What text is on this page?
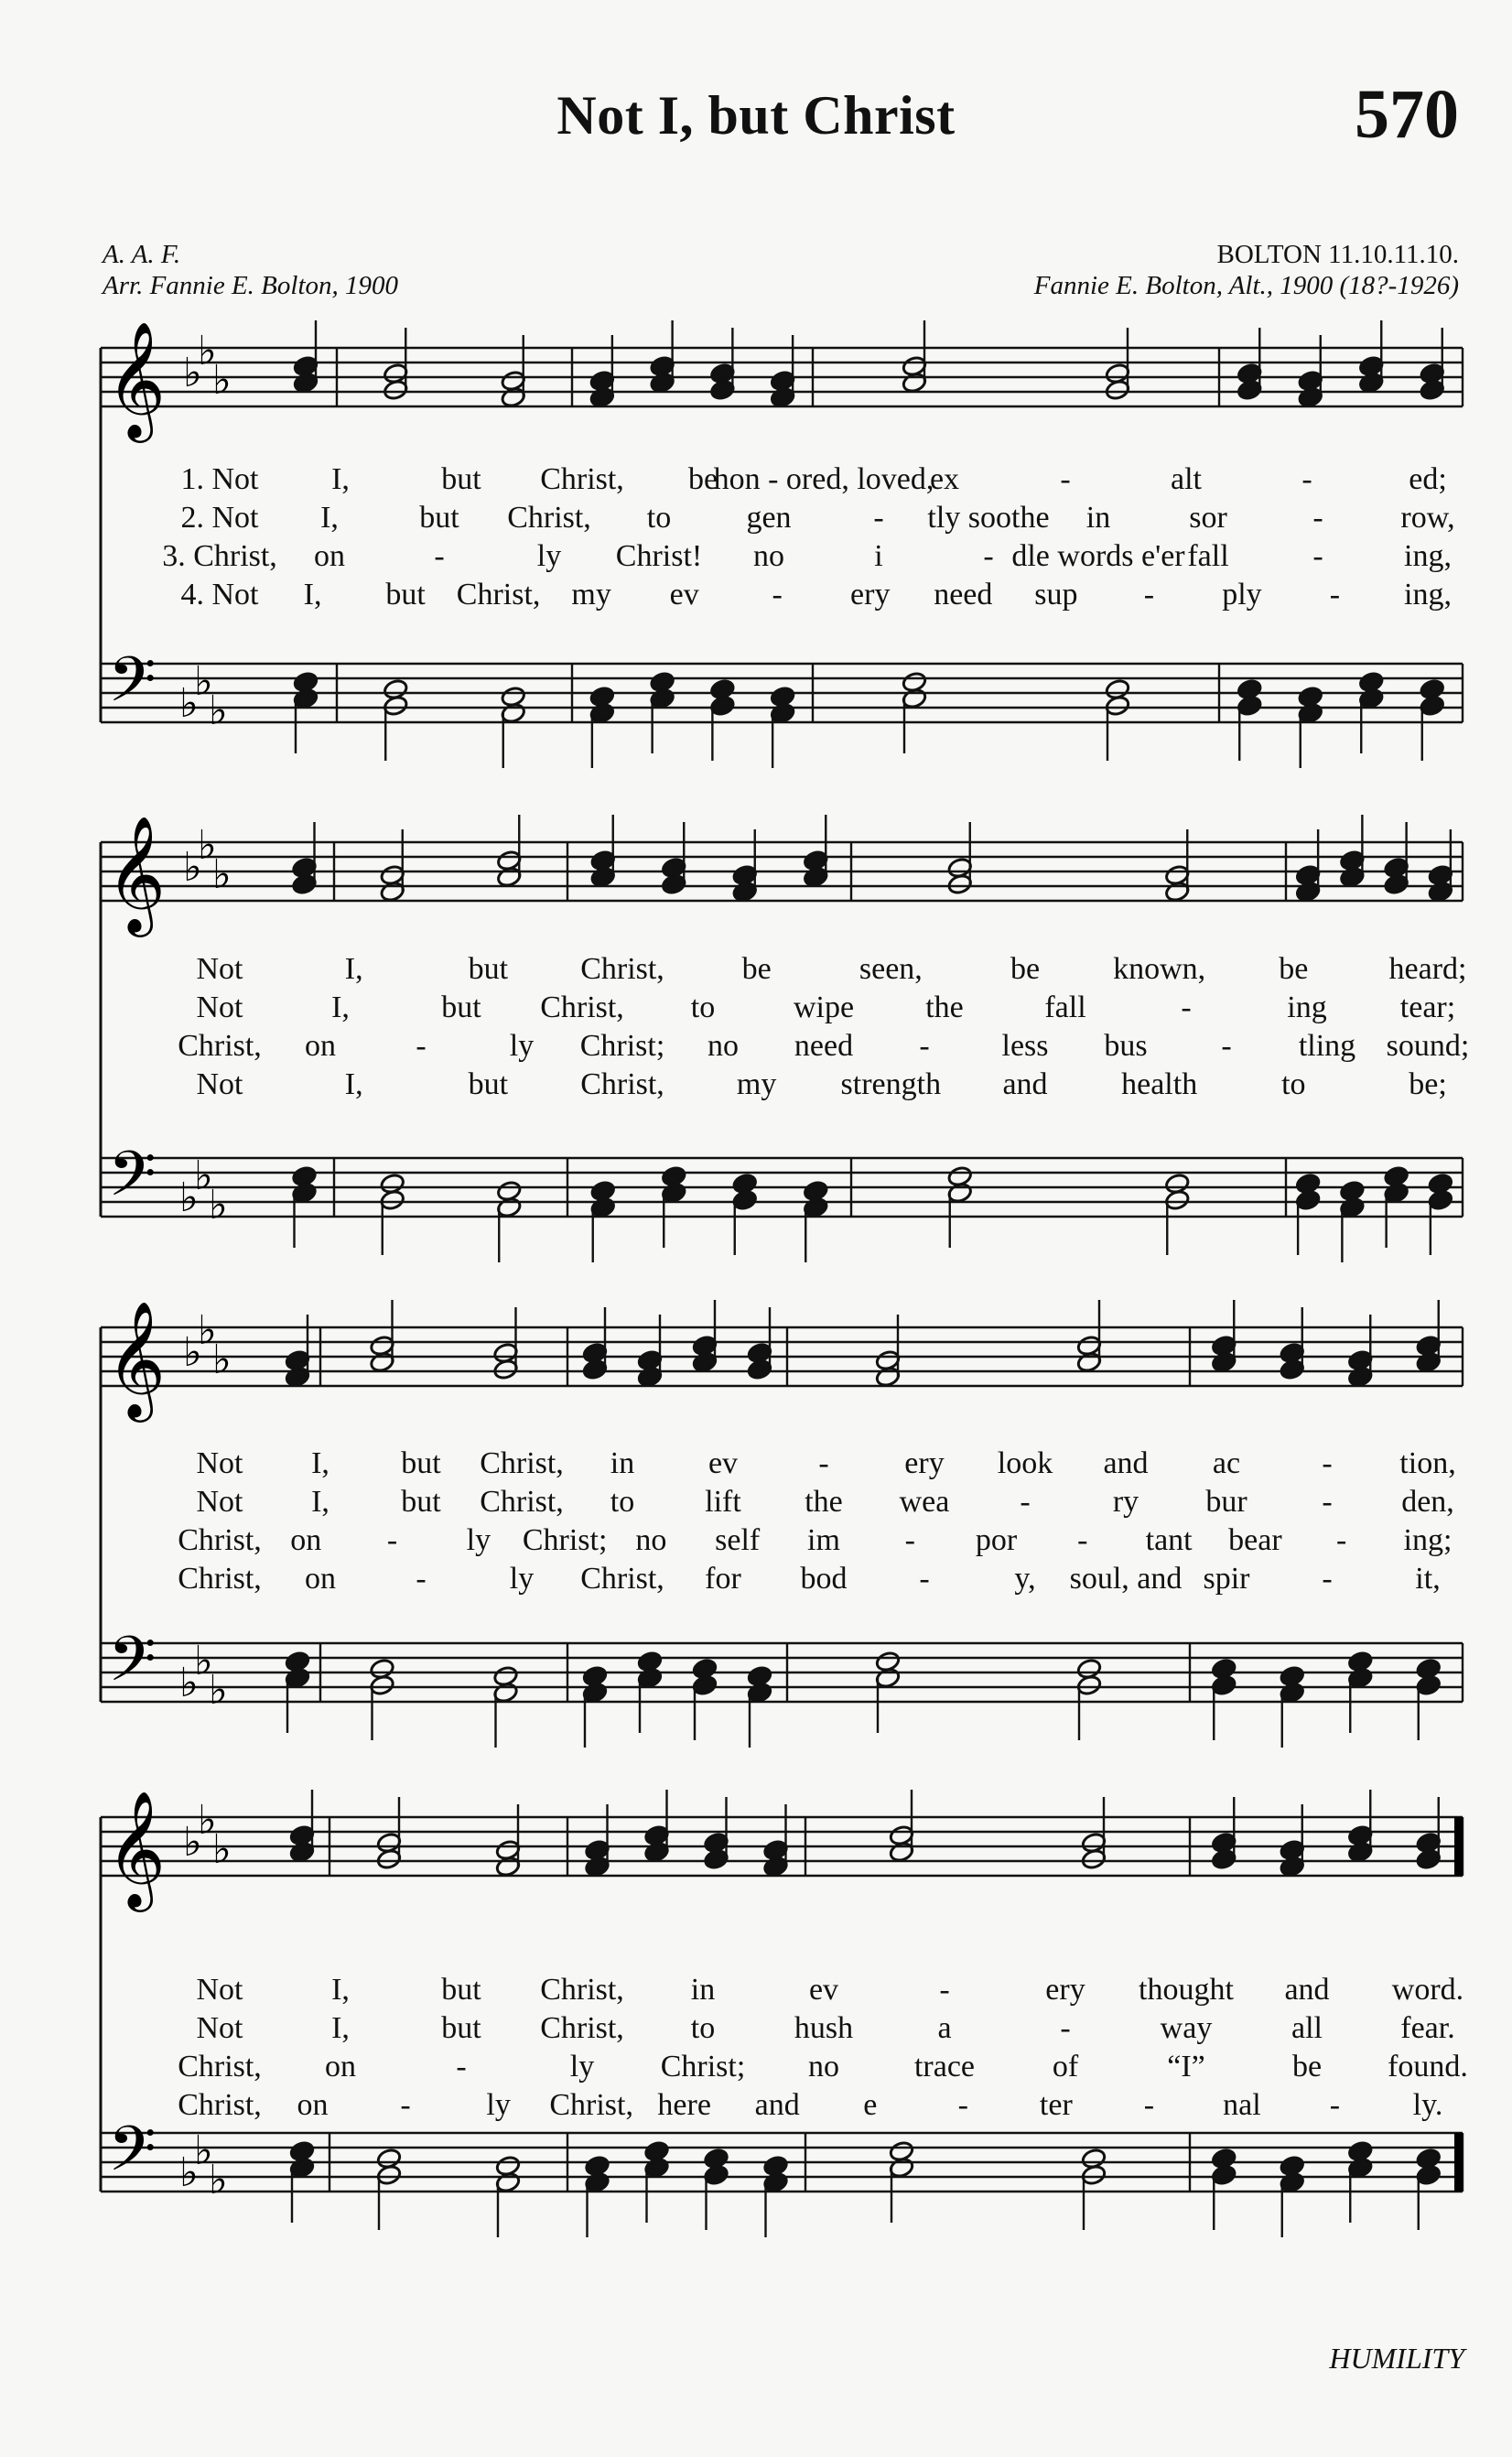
Not I, but Christ	570
A. A. F.
Arr. Fannie E. Bolton, 1900
BOLTON 11.10.11.10.
Fannie E. Bolton, Alt., 1900 (18?-1926)
𝄞
𝄢
♭
♭
♭
♭
♭
♭
𝄞
𝄢
♭
♭
♭
♭
♭
♭
𝄞
𝄢
♭
♭
♭
♭
♭
♭
𝄞
𝄢
♭
♭
♭
♭
♭
♭
HUMILITY
1. Not I,	but Christ, be
hon - ored, loved,
ex	-	alt	-	ed;
2. Not I,	but Christ, to gen	- tly soothe in	sor	- row,
3. Christ, on	-	ly Christ! no	i	- dle words e'er fall	-	ing,
4. Not I, but Christ, my ev - ery need sup - ply - ing,
Not	I,	but Christ, be	seen,	be known, be	heard;
Not	I,	but Christ, to	wipe the	fall	-	ing tear;
Christ, on	-	ly Christ; no need - less bus - tling sound;
Not	I,	but Christ, my strength and health	to	be;
Not I, but Christ, in ev	- ery look and ac	- tion,
Not I, but Christ, to lift the wea -	ry bur - den,
Christ, on - ly Christ; no self im - por - tant bear - ing;
Christ, on	-	ly Christ, for bod -	y, soul, and spir -	it,
Not	I,	but Christ, in	ev	-	ery thought and word.
Not	I,	but Christ, to	hush	a	-	way	all	fear.
Christ, on	-	ly Christ; no trace of	“I”	be found.
Christ, on - ly Christ, here and e	- ter - nal - ly.
